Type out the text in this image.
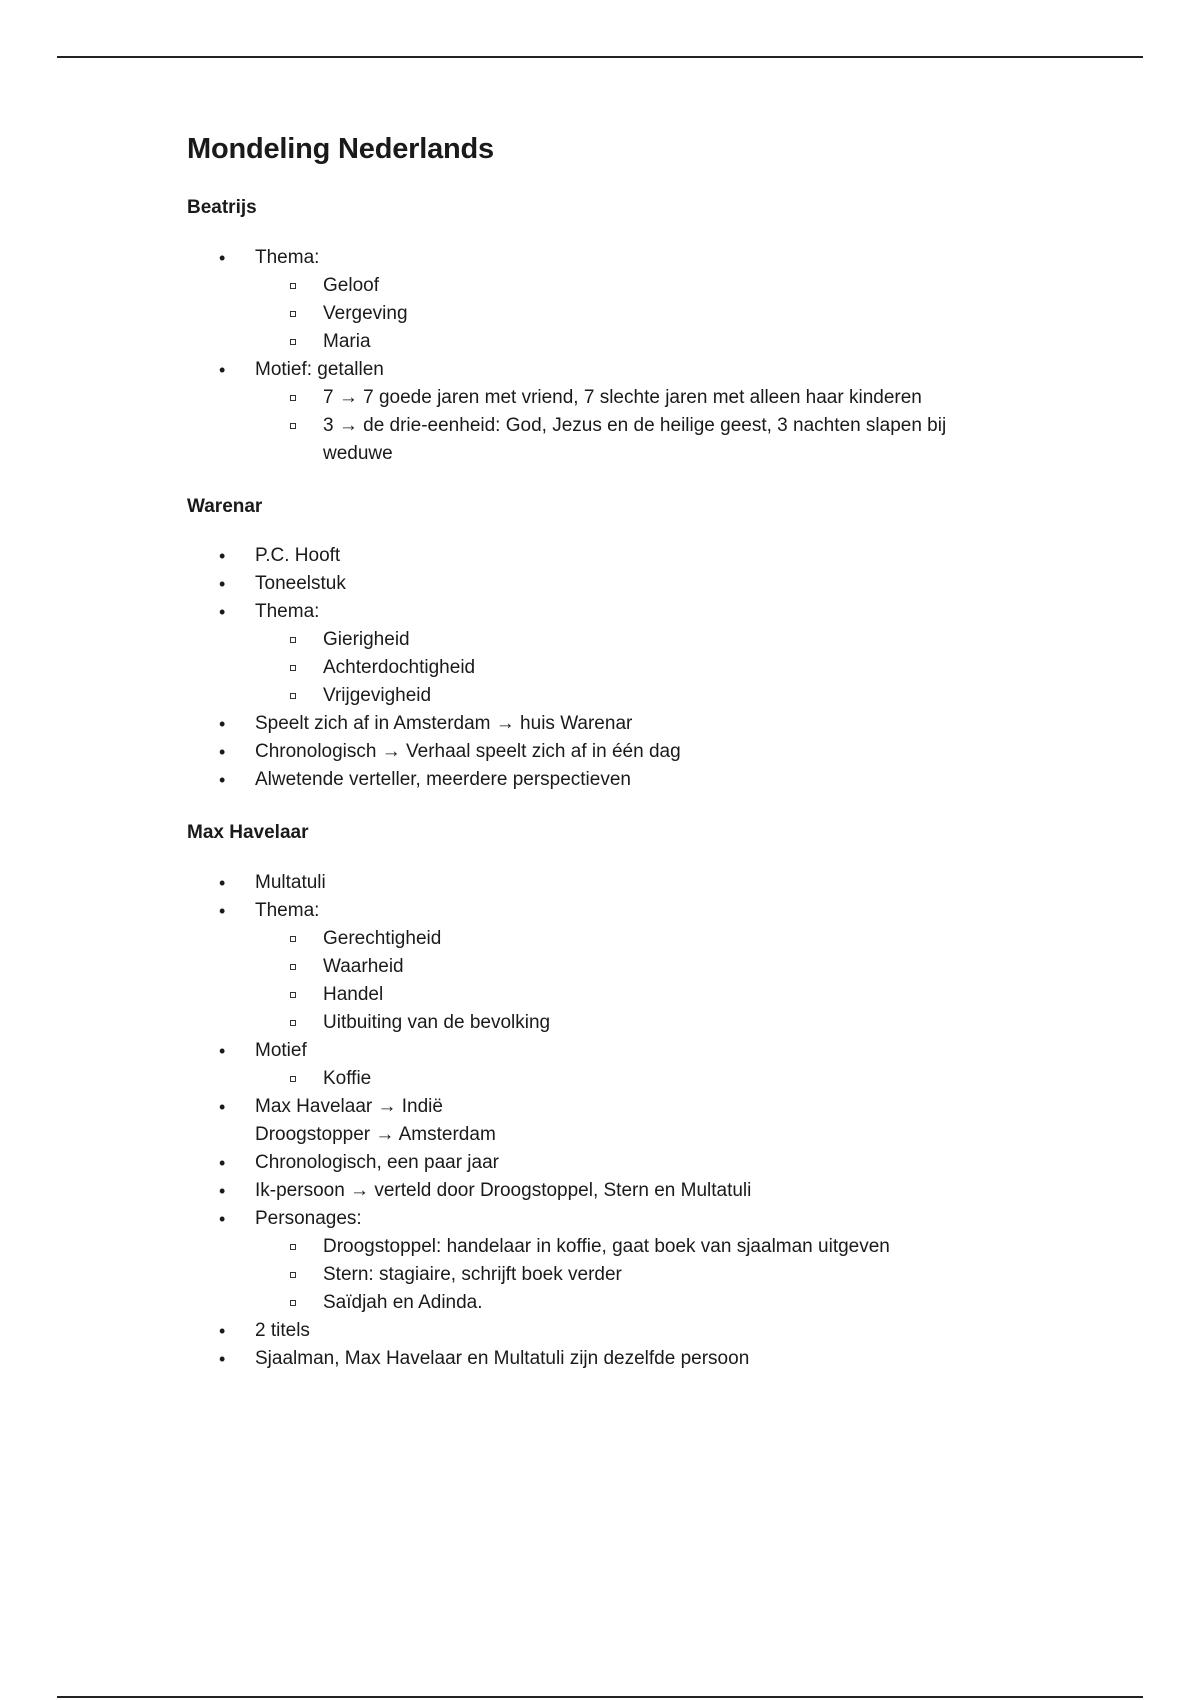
Mondeling Nederlands
Beatrijs
• Thema:
Geloof
Vergeving
Maria
• Motief: getallen
7 → 7 goede jaren met vriend, 7 slechte jaren met alleen haar kinderen
3 → de drie-eenheid: God, Jezus en de heilige geest, 3 nachten slapen bij weduwe
Warenar
• P.C. Hooft
• Toneelstuk
• Thema:
Gierigheid
Achterdochtigheid
Vrijgevigheid
• Speelt zich af in Amsterdam → huis Warenar
• Chronologisch → Verhaal speelt zich af in één dag
• Alwetende verteller, meerdere perspectieven
Max Havelaar
• Multatuli
• Thema:
Gerechtigheid
Waarheid
Handel
Uitbuiting van de bevolking
• Motief
Koffie
• Max Havelaar → Indië
Droogstopper → Amsterdam
• Chronologisch, een paar jaar
• Ik-persoon → verteld door Droogstoppel, Stern en Multatuli
• Personages:
Droogstoppel: handelaar in koffie, gaat boek van sjaalman uitgeven
Stern: stagiaire, schrijft boek verder
Saïdjah en Adinda.
• 2 titels
• Sjaalman, Max Havelaar en Multatuli zijn dezelfde persoon
